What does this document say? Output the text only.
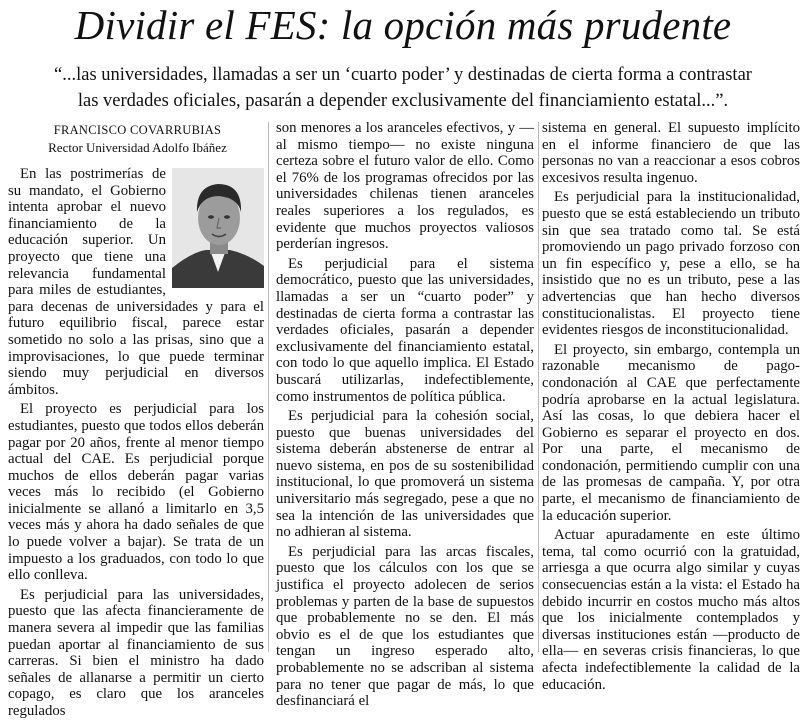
Dividir el FES: la opción más prudente
“...las universidades, llamadas a ser un ‘cuarto poder’ y destinadas de cierta forma a contrastar
las verdades oficiales, pasarán a depender exclusivamente del financiamiento estatal...”.
FRANCISCO COVARRUBIAS
Rector Universidad Adolfo Ibáñez

En las postrimerías de su mandato, el Gobierno intenta aprobar el nuevo financiamiento de la educación superior. Un proyecto que tiene una relevancia fundamental para miles de estudiantes, para decenas de universidades y para el futuro equilibrio fiscal, parece estar sometido no solo a las prisas, sino que a improvisaciones, lo que puede terminar siendo muy perjudicial en diversos ámbitos.

El proyecto es perjudicial para los estudiantes, puesto que todos ellos deberán pagar por 20 años, frente al menor tiempo actual del CAE. Es perjudicial porque muchos de ellos deberán pagar varias veces más lo recibido (el Gobierno inicialmente se allanó a limitarlo en 3,5 veces más y ahora ha dado señales de que lo puede volver a bajar). Se trata de un impuesto a los graduados, con todo lo que ello conlleva.

Es perjudicial para las universidades, puesto que las afecta financieramente de manera severa al impedir que las familias puedan aportar al financiamiento de sus carreras. Si bien el ministro ha dado señales de allanarse a permitir un cierto copago, es claro que los aranceles regulados

son menores a los aranceles efectivos, y —al mismo tiempo— no existe ninguna certeza sobre el futuro valor de ello. Como el 76% de los programas ofrecidos por las universidades chilenas tienen aranceles reales superiores a los regulados, es evidente que muchos proyectos valiosos perderían ingresos.

Es perjudicial para el sistema democrático, puesto que las universidades, llamadas a ser un “cuarto poder” y destinadas de cierta forma a contrastar las verdades oficiales, pasarán a depender exclusivamente del financiamiento estatal, con todo lo que aquello implica. El Estado buscará utilizarlas, indefectiblemente, como instrumentos de política pública.

Es perjudicial para la cohesión social, puesto que buenas universidades del sistema deberán abstenerse de entrar al nuevo sistema, en pos de su sostenibilidad institucional, lo que promoverá un sistema universitario más segregado, pese a que no sea la intención de las universidades que no adhieran al sistema.

Es perjudicial para las arcas fiscales, puesto que los cálculos con los que se justifica el proyecto adolecen de serios problemas y parten de la base de supuestos que probablemente no se den. El más obvio es el de que los estudiantes que tengan un ingreso esperado alto, probablemente no se adscriban al sistema para no tener que pagar de más, lo que desfinanciará el

sistema en general. El supuesto implícito en el informe financiero de que las personas no van a reaccionar a esos cobros excesivos resulta ingenuo.

Es perjudicial para la institucionalidad, puesto que se está estableciendo un tributo sin que sea tratado como tal. Se está promoviendo un pago privado forzoso con un fin específico y, pese a ello, se ha insistido que no es un tributo, pese a las advertencias que han hecho diversos constitucionalistas. El proyecto tiene evidentes riesgos de inconstitucionalidad.

El proyecto, sin embargo, contempla un razonable mecanismo de pago-condonación al CAE que perfectamente podría aprobarse en la actual legislatura. Así las cosas, lo que debiera hacer el Gobierno es separar el proyecto en dos. Por una parte, el mecanismo de condonación, permitiendo cumplir con una de las promesas de campaña. Y, por otra parte, el mecanismo de financiamiento de la educación superior.

Actuar apuradamente en este último tema, tal como ocurrió con la gratuidad, arriesga a que ocurra algo similar y cuyas consecuencias están a la vista: el Estado ha debido incurrir en costos mucho más altos que los inicialmente contemplados y diversas instituciones están —producto de ella— en severas crisis financieras, lo que afecta indefectiblemente la calidad de la educación.
